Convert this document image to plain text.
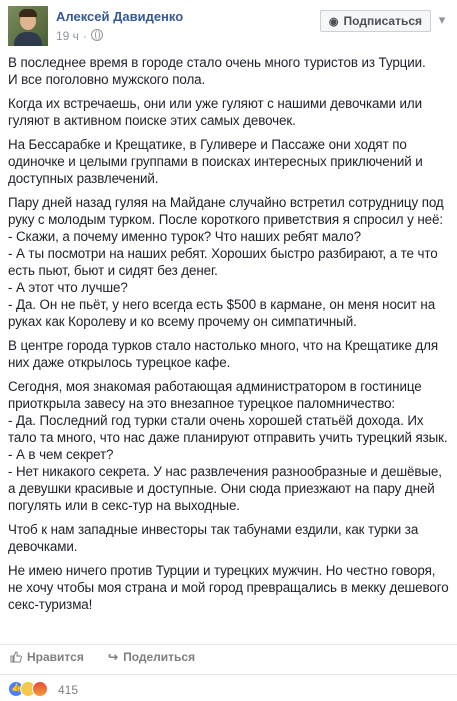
Алексей Давиденко
19 ч ·
◉ Подписаться ▾

В последнее время в городе стало очень много туристов из Турции.
И все поголовно мужского пола.

Когда их встречаешь, они или уже гуляют с нашими девочками или
гуляют в активном поиске этих самых девочек.

На Бессарабке и Крещатике, в Гуливере и Пассаже они ходят по
одиночке и целыми группами в поисках интересных приключений и
доступных развлечений.

Пару дней назад гуляя на Майдане случайно встретил сотрудницу под
руку с молодым турком. После короткого приветствия я спросил у неё:
- Скажи, а почему именно турок? Что наших ребят мало?
- А ты посмотри на наших ребят. Хороших быстро разбирают, а те что
есть пьют, бьют и сидят без денег.
- А этот что лучше?
- Да. Он не пьёт, у него всегда есть $500 в кармане, он меня носит на
руках как Королеву и ко всему прочему он симпатичный.

В центре города турков стало настолько много, что на Крещатике для
них даже открылось турецкое кафе.

Сегодня, моя знакомая работающая администратором в гостинице
приоткрыла завесу на это внезапное турецкое паломничество:
- Да. Последний год турки стали очень хорошей статьёй дохода. Их
тало та много, что нас даже планируют отправить учить турецкий язык.
- А в чем секрет?
- Нет никакого секрета. У нас развлечения разнообразные и дешёвые,
а девушки красивые и доступные. Они сюда приезжают на пару дней
погулять или в секс-тур на выходные.

Чтоб к нам западные инвесторы так табунами ездили, как турки за
девочками.

Не имею ничего против Турции и турецких мужчин. Но честно говоря,
не хочу чтобы моя страна и мой город превращались в мекку дешевого
секс-туризма!

Нравится ↪ Поделиться
👍
415
